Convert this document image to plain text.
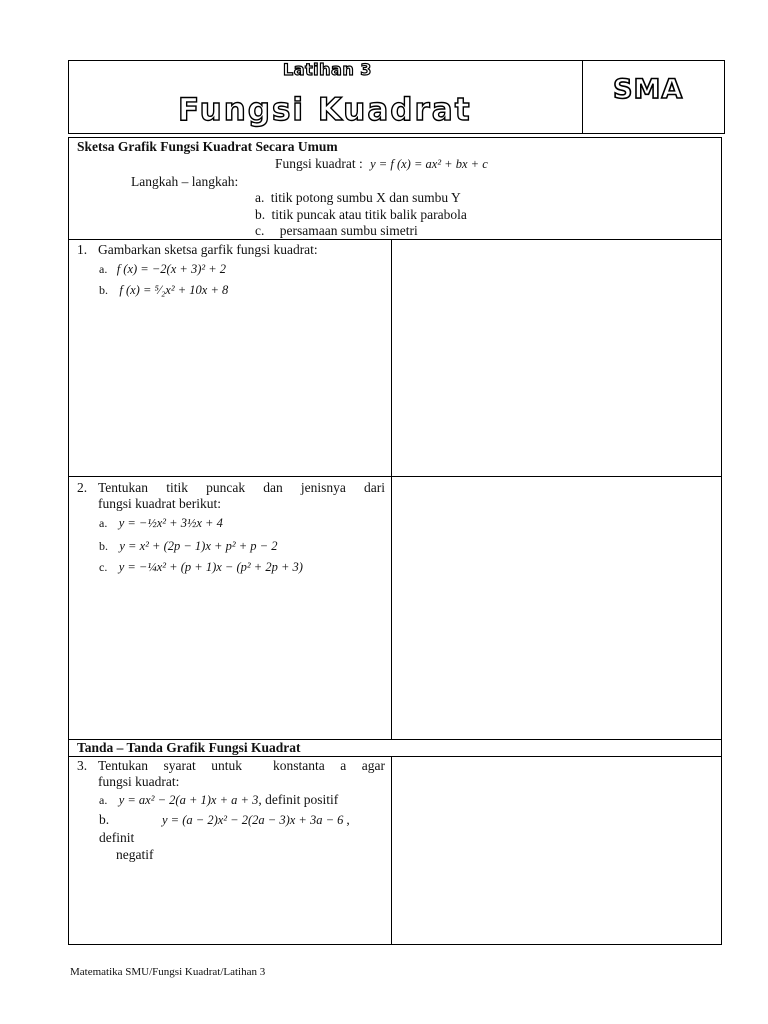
Latihan 3
Fungsi Kuadrat
SMA
Sketsa Grafik Fungsi Kuadrat Secara Umum
Fungsi kuadrat : y = f (x) = ax² + bx + c
Langkah – langkah:
a. titik potong sumbu X dan sumbu Y
b. titik puncak atau titik balik parabola
c. persamaan sumbu simetri
1. Gambarkan sketsa garfik fungsi kuadrat:
a. f (x) = −2(x + 3)² + 2
b. f (x) = ⁵⁄₂x² + 10x + 8
2. Tentukan titik puncak dan jenisnya dari
fungsi kuadrat berikut:
a. y = −½x² + 3½x + 4
b. y = x² + (2p − 1)x + p² + p − 2
c. y = −¼x² + (p + 1)x − (p² + 2p + 3)
Tanda – Tanda Grafik Fungsi Kuadrat
3. Tentukan syarat untuk  konstanta a agar
fungsi kuadrat:
a. y = ax² − 2(a + 1)x + a + 3, definit positif
b.	y = (a − 2)x² − 2(2a − 3)x + 3a − 6 ,
definit
negatif
Matematika SMU/Fungsi Kuadrat/Latihan 3
